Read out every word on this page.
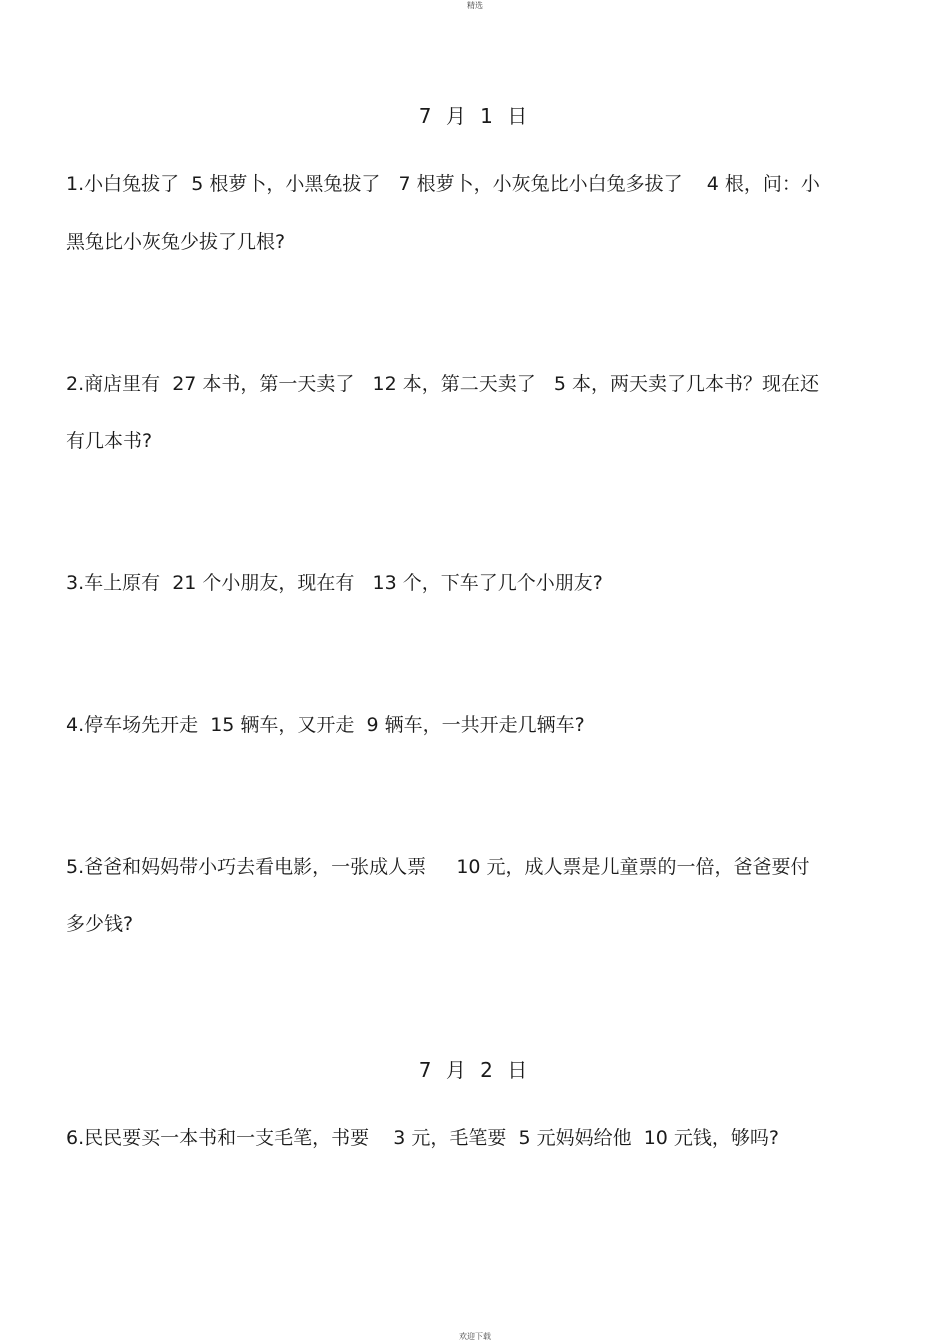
精选
7 月 1 日
1.小白兔拔了  5 根萝卜，小黑兔拔了   7 根萝卜，小灰兔比小白兔多拔了    4 根，问：小
黑兔比小灰兔少拔了几根?
2.商店里有  27 本书，第一天卖了   12 本，第二天卖了   5 本，两天卖了几本书？现在还
有几本书?
3.车上原有  21 个小朋友，现在有   13 个，下车了几个小朋友?
4.停车场先开走  15 辆车，又开走  9 辆车，一共开走几辆车?
5.爸爸和妈妈带小巧去看电影，一张成人票     10 元，成人票是儿童票的一倍，爸爸要付
多少钱?
7 月 2 日
6.民民要买一本书和一支毛笔，书要    3 元，毛笔要  5 元妈妈给他  10 元钱，够吗?
欢迎下载
